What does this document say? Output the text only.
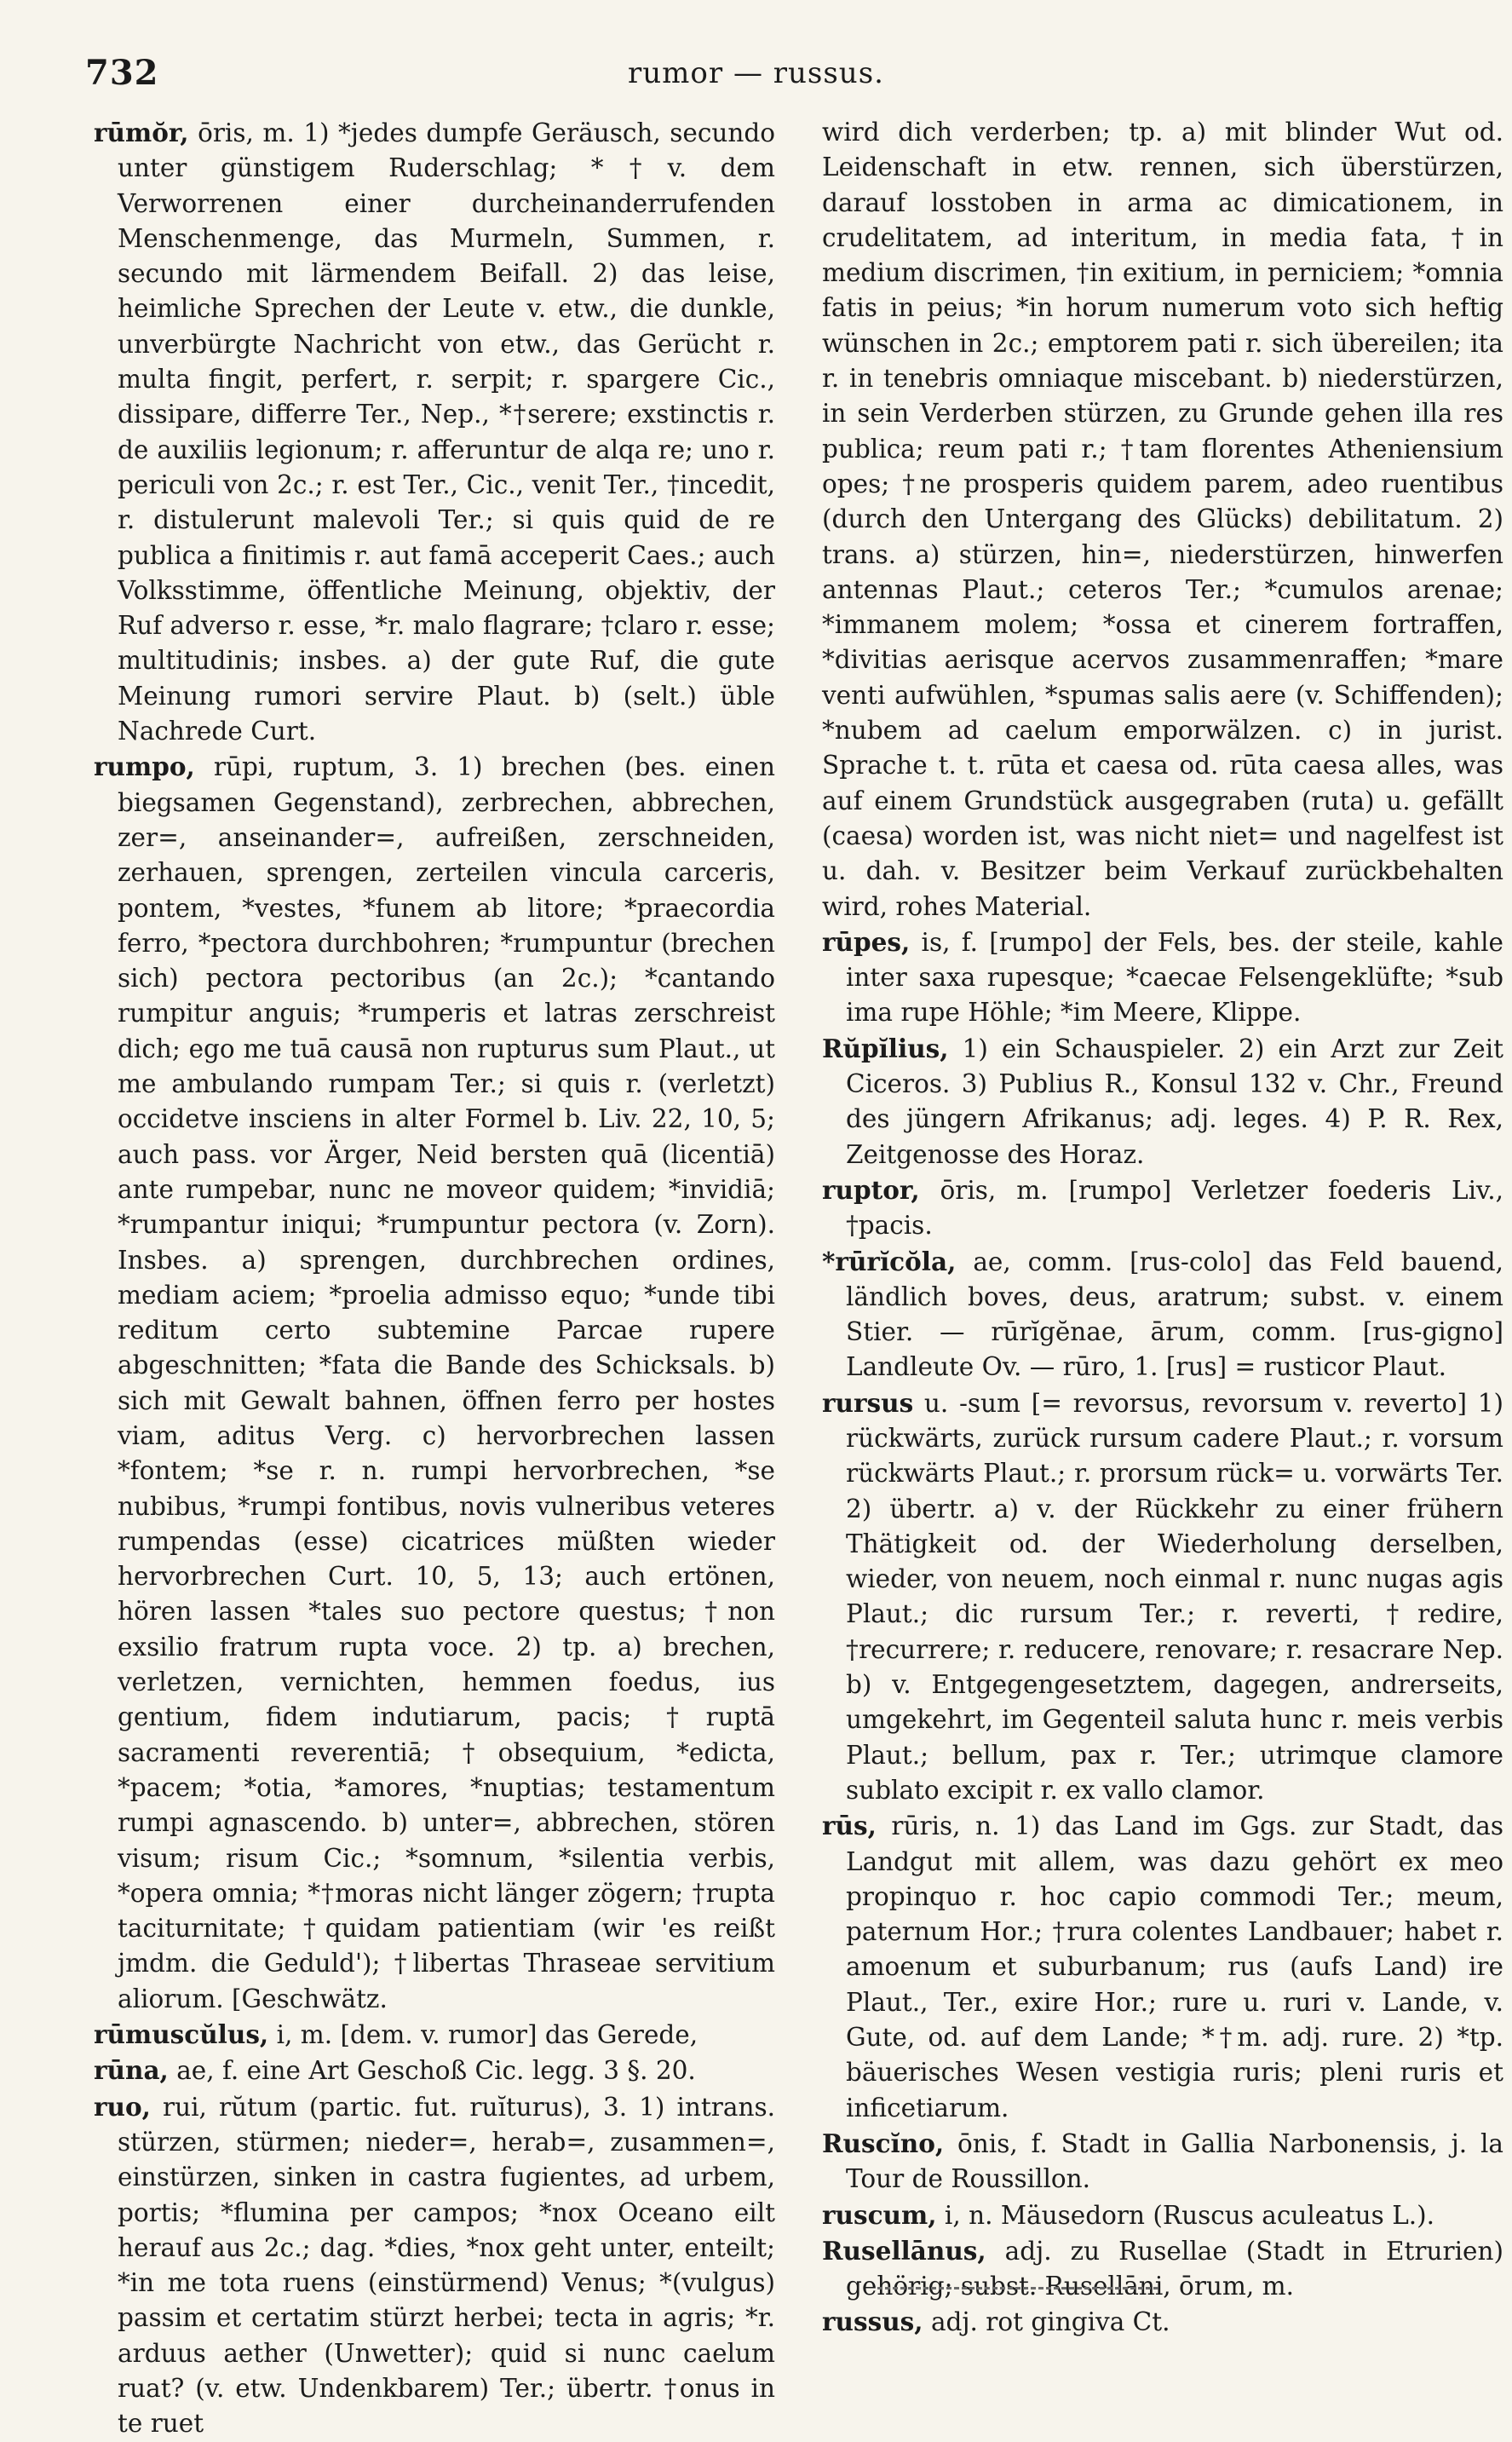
732	rumor — russus.

rūmŏr, ōris, m. 1) *jedes dumpfe Geräusch, secundo unter günstigem Ruderschlag; *†v. dem Verworrenen einer durcheinanderrufenden Menschenmenge, das Murmeln, Summen, r. secundo mit lärmendem Beifall. 2) das leise, heimliche Sprechen der Leute v. etw., die dunkle, unverbürgte Nachricht von etw., das Gerücht r. multa fingit, perfert, r. serpit; r. spargere Cic., dissipare, differre Ter., Nep., *†serere; exstinctis r. de auxiliis legionum; r. afferuntur de alqa re; uno r. periculi von 2c.; r. est Ter., Cic., venit Ter., †incedit, r. distulerunt malevoli Ter.; si quis quid de re publica a finitimis r. aut famā acceperit Caes.; auch Volksstimme, öffentliche Meinung, objektiv, der Ruf adverso r. esse, *r. malo flagrare; †claro r. esse; multitudinis; insbes. a) der gute Ruf, die gute Meinung rumori servire Plaut. b) (selt.) üble Nachrede Curt.

rumpo, rūpi, ruptum, 3. 1) brechen (bes. einen biegsamen Gegenstand), zerbrechen, abbrechen, zer=, anseinander=, aufreißen, zerschneiden, zerhauen, sprengen, zerteilen vincula carceris, pontem, *vestes, *funem ab litore; *praecordia ferro, *pectora durchbohren; *rumpuntur (brechen sich) pectora pectoribus (an 2c.); *cantando rumpitur anguis; *rumperis et latras zerschreist dich; ego me tuā causā non rupturus sum Plaut., ut me ambulando rumpam Ter.; si quis r. (verletzt) occidetve insciens in alter Formel b. Liv. 22, 10, 5; auch pass. vor Ärger, Neid bersten quā (licentiā) ante rumpebar, nunc ne moveor quidem; *invidiā; *rumpantur iniqui; *rumpuntur pectora (v. Zorn). Insbes. a) sprengen, durchbrechen ordines, mediam aciem; *proelia admisso equo; *unde tibi reditum certo subtemine Parcae rupere abgeschnitten; *fata die Bande des Schicksals. b) sich mit Gewalt bahnen, öffnen ferro per hostes viam, aditus Verg. c) hervorbrechen lassen *fontem; *se r. n. rumpi hervorbrechen, *se nubibus, *rumpi fontibus, novis vulneribus veteres rumpendas (esse) cicatrices müßten wieder hervorbrechen Curt. 10, 5, 13; auch ertönen, hören lassen *tales suo pectore questus; †non exsilio fratrum rupta voce. 2) tp. a) brechen, verletzen, vernichten, hemmen foedus, ius gentium, fidem indutiarum, pacis; †ruptā sacramenti reverentiā; †obsequium, *edicta, *pacem; *otia, *amores, *nuptias; testamentum rumpi agnascendo. b) unter=, abbrechen, stören visum; risum Cic.; *somnum, *silentia verbis, *opera omnia; *†moras nicht länger zögern; †rupta taciturnitate; †quidam patientiam (wir 'es reißt jmdm. die Geduld'); †libertas Thraseae servitium aliorum. [Geschwätz.

rūmuscŭlus, i, m. [dem. v. rumor] das Gerede,

rūna, ae, f. eine Art Geschoß Cic. legg. 3 §. 20.

ruo, rui, rŭtum (partic. fut. ruĭturus), 3. 1) intrans. stürzen, stürmen; nieder=, herab=, zusammen=, einstürzen, sinken in castra fugientes, ad urbem, portis; *flumina per campos; *nox Oceano eilt herauf aus 2c.; dag. *dies, *nox geht unter, enteilt; *in me tota ruens (einstürmend) Venus; *(vulgus) passim et certatim stürzt herbei; tecta in agris; *r. arduus aether (Unwetter); quid si nunc caelum ruat? (v. etw. Undenkbarem) Ter.; übertr. †onus in te ruet

wird dich verderben; tp. a) mit blinder Wut od. Leidenschaft in etw. rennen, sich überstürzen, darauf losstoben in arma ac dimicationem, in crudelitatem, ad interitum, in media fata, †in medium discrimen, †in exitium, in perniciem; *omnia fatis in peius; *in horum numerum voto sich heftig wünschen in 2c.; emptorem pati r. sich übereilen; ita r. in tenebris omniaque miscebant. b) niederstürzen, in sein Verderben stürzen, zu Grunde gehen illa res publica; reum pati r.; †tam florentes Atheniensium opes; †ne prosperis quidem parem, adeo ruentibus (durch den Untergang des Glücks) debilitatum. 2) trans. a) stürzen, hin=, niederstürzen, hinwerfen antennas Plaut.; ceteros Ter.; *cumulos arenae; *immanem molem; *ossa et cinerem fortraffen, *divitias aerisque acervos zusammenraffen; *mare venti aufwühlen, *spumas salis aere (v. Schiffenden); *nubem ad caelum emporwälzen. c) in jurist. Sprache t. t. rūta et caesa od. rūta caesa alles, was auf einem Grundstück ausgegraben (ruta) u. gefällt (caesa) worden ist, was nicht niet= und nagelfest ist u. dah. v. Besitzer beim Verkauf zurückbehalten wird, rohes Material.

rūpes, is, f. [rumpo] der Fels, bes. der steile, kahle inter saxa rupesque; *caecae Felsengeklüfte; *sub ima rupe Höhle; *im Meere, Klippe.

Rŭpĭlius, 1) ein Schauspieler. 2) ein Arzt zur Zeit Ciceros. 3) Publius R., Konsul 132 v. Chr., Freund des jüngern Afrikanus; adj. leges. 4) P. R. Rex, Zeitgenosse des Horaz.

ruptor, ōris, m. [rumpo] Verletzer foederis Liv., †pacis.

*rūrĭcŏla, ae, comm. [rus-colo] das Feld bauend, ländlich boves, deus, aratrum; subst. v. einem Stier. — rūrĭgĕnae, ārum, comm. [rus-gigno] Landleute Ov. — rūro, 1. [rus] = rusticor Plaut.

rursus u. -sum [= revorsus, revorsum v. reverto] 1) rückwärts, zurück rursum cadere Plaut.; r. vorsum rückwärts Plaut.; r. prorsum rück= u. vorwärts Ter. 2) übertr. a) v. der Rückkehr zu einer frühern Thätigkeit od. der Wiederholung derselben, wieder, von neuem, noch einmal r. nunc nugas agis Plaut.; dic rursum Ter.; r. reverti, †redire, †recurrere; r. reducere, renovare; r. resacrare Nep. b) v. Entgegengesetztem, dagegen, andrerseits, umgekehrt, im Gegenteil saluta hunc r. meis verbis Plaut.; bellum, pax r. Ter.; utrimque clamore sublato excipit r. ex vallo clamor.

rūs, rūris, n. 1) das Land im Ggs. zur Stadt, das Landgut mit allem, was dazu gehört ex meo propinquo r. hoc capio commodi Ter.; meum, paternum Hor.; †rura colentes Landbauer; habet r. amoenum et suburbanum; rus (aufs Land) ire Plaut., Ter., exire Hor.; rure u. ruri v. Lande, v. Gute, od. auf dem Lande; *†m. adj. rure. 2) *tp. bäuerisches Wesen vestigia ruris; pleni ruris et inficetiarum.

Ruscĭno, ōnis, f. Stadt in Gallia Narbonensis, j. la Tour de Roussillon.

ruscum, i, n. Mäusedorn (Ruscus aculeatus L.).

Rusellānus, adj. zu Rusellae (Stadt in Etrurien) gehörig; subst. Rusellāni, ōrum, m.

russus, adj. rot gingiva Ct.
